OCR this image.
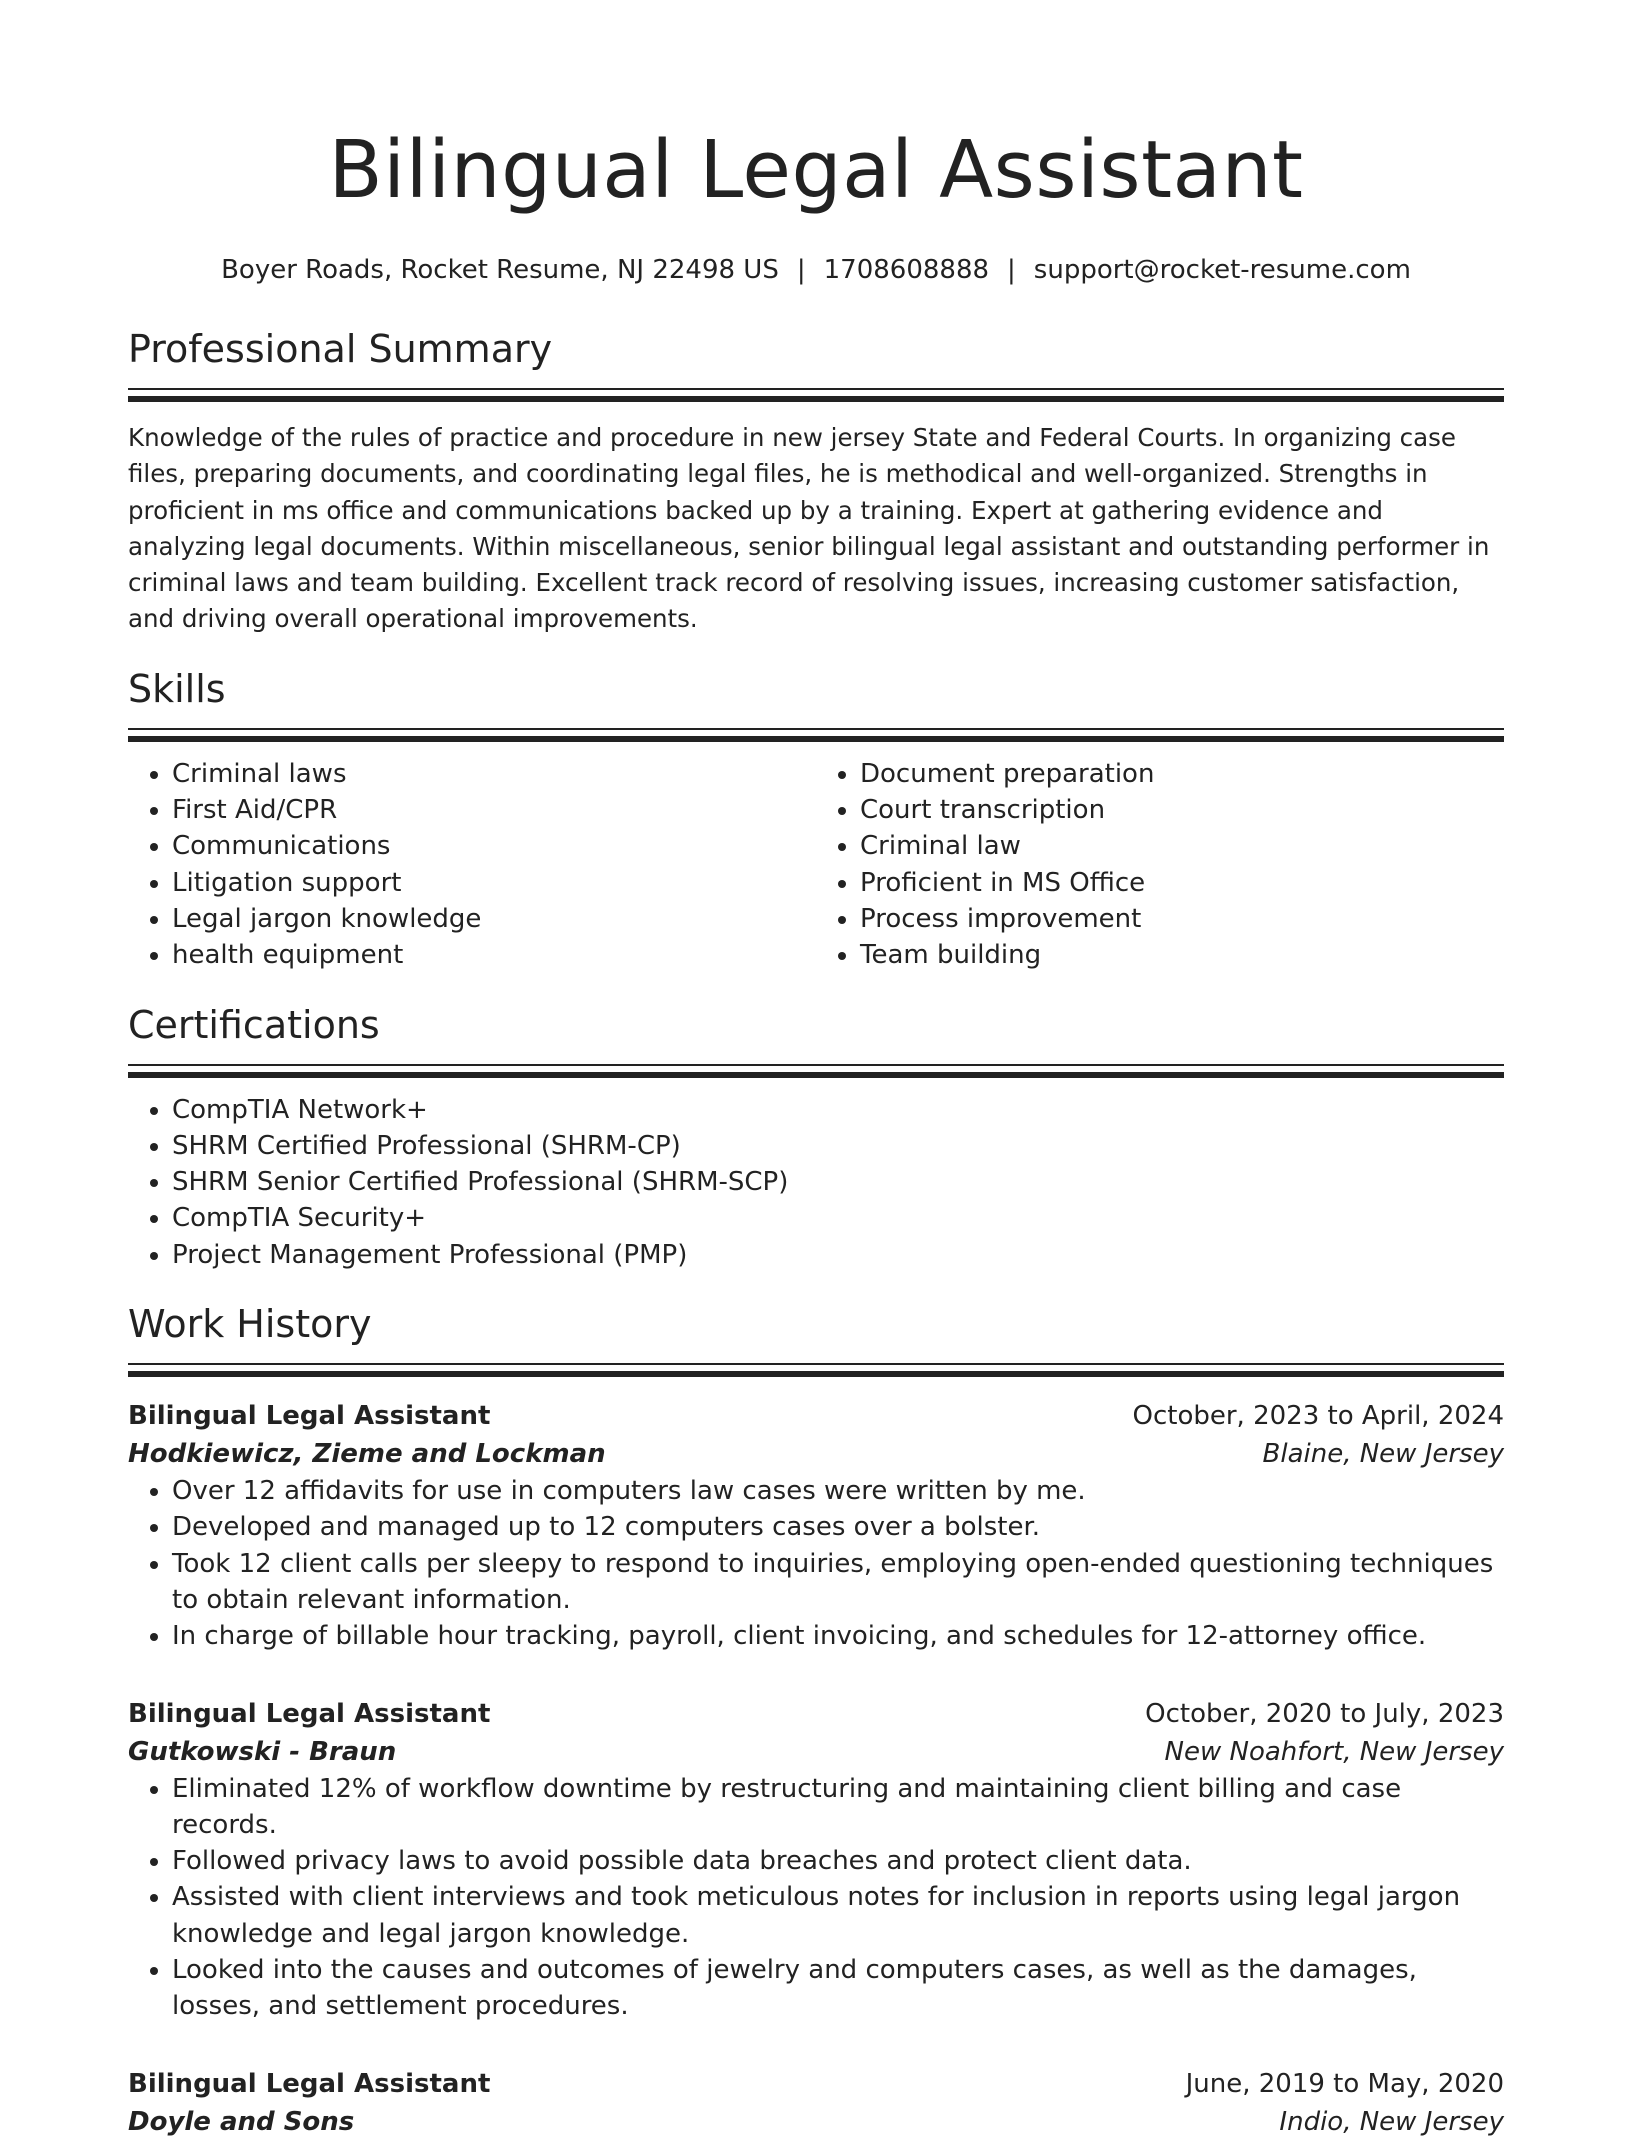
Bilingual Legal Assistant
Boyer Roads, Rocket Resume, NJ 22498 US | 1708608888 | support@rocket-resume.com
Professional Summary

Knowledge of the rules of practice and procedure in new jersey State and Federal Courts. In organizing case files, preparing documents, and coordinating legal files, he is methodical and well-organized. Strengths in proficient in ms office and communications backed up by a training. Expert at gathering evidence and analyzing legal documents. Within miscellaneous, senior bilingual legal assistant and outstanding performer in criminal laws and team building. Excellent track record of resolving issues, increasing customer satisfaction, and driving overall operational improvements.

Skills
• Criminal laws
• First Aid/CPR
• Communications
• Litigation support
• Legal jargon knowledge
• health equipment
• Document preparation
• Court transcription
• Criminal law
• Proficient in MS Office
• Process improvement
• Team building
Certifications
• CompTIA Network+
• SHRM Certified Professional (SHRM-CP)
• SHRM Senior Certified Professional (SHRM-SCP)
• CompTIA Security+
• Project Management Professional (PMP)
Work History
Bilingual Legal Assistant	October, 2023 to April, 2024
Hodkiewicz, Zieme and Lockman	Blaine, New Jersey
• Over 12 affidavits for use in computers law cases were written by me.
• Developed and managed up to 12 computers cases over a bolster.
• Took 12 client calls per sleepy to respond to inquiries, employing open-ended questioning techniques to obtain relevant information.
• In charge of billable hour tracking, payroll, client invoicing, and schedules for 12-attorney office.
Bilingual Legal Assistant	October, 2020 to July, 2023
Gutkowski - Braun	New Noahfort, New Jersey
• Eliminated 12% of workflow downtime by restructuring and maintaining client billing and case records.
• Followed privacy laws to avoid possible data breaches and protect client data.
• Assisted with client interviews and took meticulous notes for inclusion in reports using legal jargon knowledge and legal jargon knowledge.
• Looked into the causes and outcomes of jewelry and computers cases, as well as the damages, losses, and settlement procedures.
Bilingual Legal Assistant	June, 2019 to May, 2020
Doyle and Sons	Indio, New Jersey
